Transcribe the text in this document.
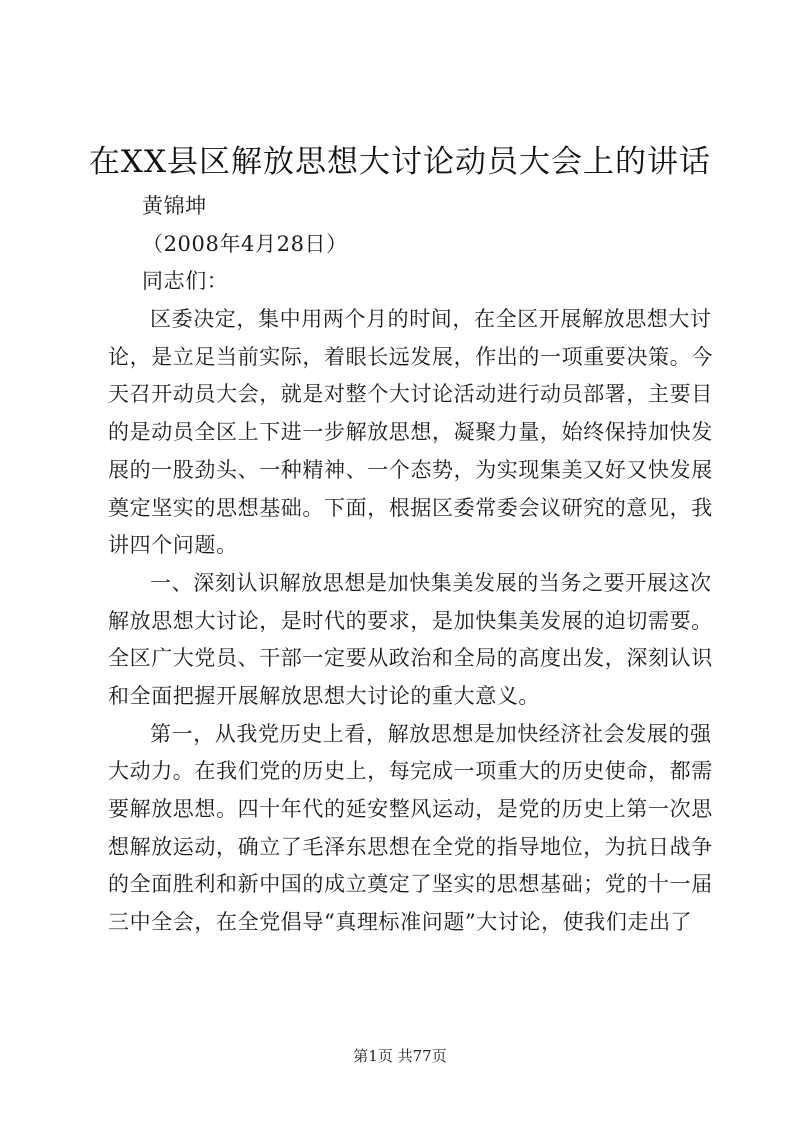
在XX县区解放思想大讨论动员大会上的讲话
黄锦坤
（2008年4月28日）
同志们：
区委决定，集中用两个月的时间，在全区开展解放思想大讨
论，是立足当前实际，着眼长远发展，作出的一项重要决策。今
天召开动员大会，就是对整个大讨论活动进行动员部署，主要目
的是动员全区上下进一步解放思想，凝聚力量，始终保持加快发
展的一股劲头、一种精神、一个态势，为实现集美又好又快发展
奠定坚实的思想基础。下面，根据区委常委会议研究的意见，我
讲四个问题。
一、深刻认识解放思想是加快集美发展的当务之要开展这次
解放思想大讨论，是时代的要求，是加快集美发展的迫切需要。
全区广大党员、干部一定要从政治和全局的高度出发，深刻认识
和全面把握开展解放思想大讨论的重大意义。
第一，从我党历史上看，解放思想是加快经济社会发展的强
大动力。在我们党的历史上，每完成一项重大的历史使命，都需
要解放思想。四十年代的延安整风运动，是党的历史上第一次思
想解放运动，确立了毛泽东思想在全党的指导地位，为抗日战争
的全面胜利和新中国的成立奠定了坚实的思想基础；党的十一届
三中全会，在全党倡导“真理标准问题”大讨论，使我们走出了
第1页 共77页
